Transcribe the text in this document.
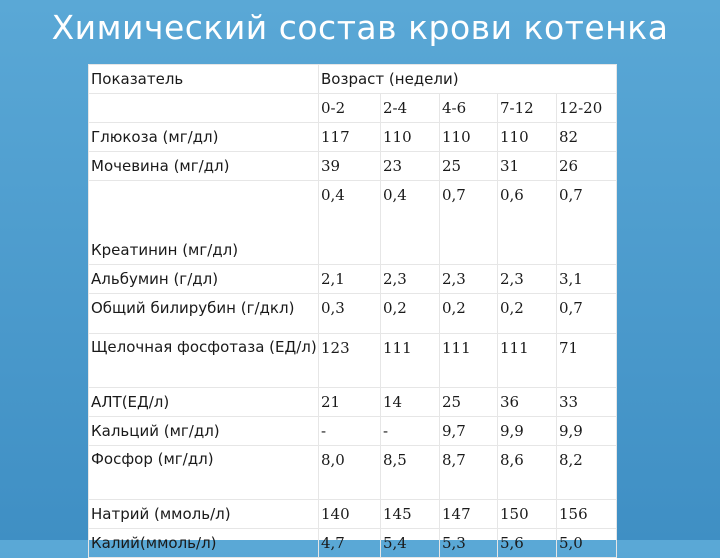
Химический состав крови котенка
Показатель	Возраст (недели)				
	0-2	2-4	4-6	7-12	12-20
Глюкоза (мг/дл)	117	110	110	110	82
Мочевина (мг/дл)	39	23	25	31	26
Креатинин (мг/дл)	0,4	0,4	0,7	0,6	0,7
Альбумин (г/дл)	2,1	2,3	2,3	2,3	3,1
Общий билирубин (г/дкл)	0,3	0,2	0,2	0,2	0,7
Щелочная фосфотаза (ЕД/л)	123	111	111	111	71
АЛТ(ЕД/л)	21	14	25	36	33
Кальций (мг/дл)	-	-	9,7	9,9	9,9
Фосфор (мг/дл)	8,0	8,5	8,7	8,6	8,2
Натрий (ммоль/л)	140	145	147	150	156
Калий(ммоль/л)	4,7	5,4	5,3	5,6	5,0
